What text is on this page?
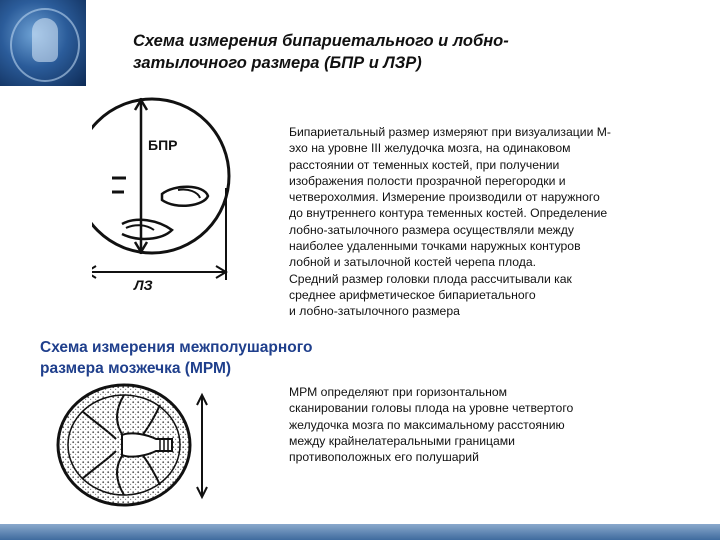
Схема измерения бипариетального и лобно-
затылочного размера (БПР и ЛЗР)
БПР
ЛЗ
Бипариетальный размер измеряют при визуализации М-
эхо на уровне III желудочка мозга, на одинаковом
расстоянии от теменных костей, при получении
изображения полости прозрачной перегородки и
четверохолмия. Измерение производили от наружного
до внутреннего контура теменных костей. Определение
лобно-затылочного размера осуществляли между
наиболее удаленными точками наружных контуров
лобной и затылочной костей черепа плода.
Средний размер головки плода рассчитывали как
среднее арифметическое бипариетального
и лобно-затылочного размера
Схема измерения межполушарного
размера мозжечка (МРМ)
МРМ определяют при горизонтальном
сканировании головы плода на уровне четвертого
желудочка мозга по максимальному расстоянию
между крайнелатеральными границами
противоположных его полушарий
